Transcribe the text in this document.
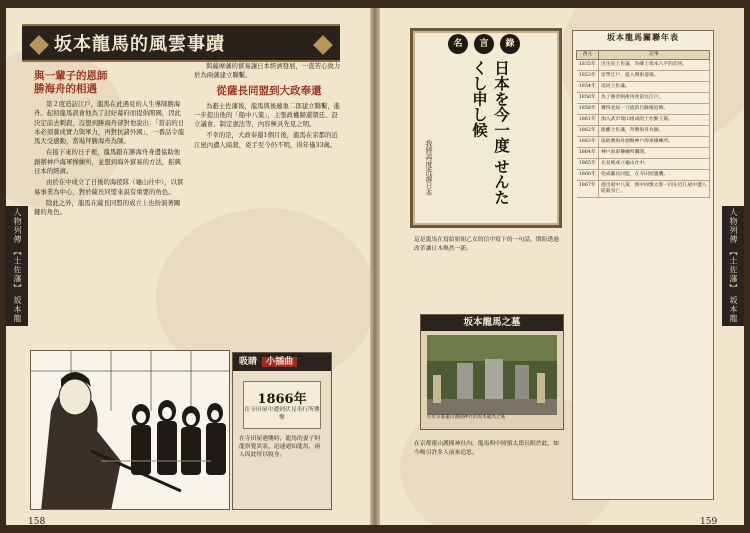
人物列傳 【土佐藩】 坂本龍
人物列傳 【土佐藩】 坂本龍
坂本龍馬的風雲事蹟
與一輩子的恩師
勝海舟的相遇

第２度造訪江戶，龍馬在此遇見的人生導師勝海舟。起初龍馬誤會他為了討好幕府而提倡開國，因此決定前去刺殺，沒想到勝海舟卻對他說出：「當前的日本必須養成實力與軍力，再對抗諸外國」，一番話令龍馬大受感動，當場拜勝海舟為師。

在接下來的日子裡，龍馬跟在勝海舟身邊協助他創辦神戶海軍操練所，並想到海外貿易的方法，振興日本的經濟。

由於在中成立了日後的海援隊（龜山社中），以貿易事業為中心，對於薩長同盟來說有重要的角色。

除此之外，龍馬在薩長同盟的成立上也扮演著關鍵的角色。

與薩摩藩的貿易讓日本經濟發展，一直苦心致力於為兩藩建立聯繫。

從薩長同盟到大政奉還

為避土佐藩後，龍馬與後藤象二郎建立聯繫，進一步提出他的「船中八策」，主張政權歸還朝廷、設立議會、制定憲法等，內容極具先見之明。

不幸的是，大政奉還1個月後，龍馬在京都的近江屋內遭人暗殺，兇手至今仍不明，得年僅33歲。

吸睛 小插曲
1866年
在寺田屋中遭到伏見奉行所襲擊
在寺田屋遇襲時，龍馬的妻子阿龍察覺異狀，迅速通知龍馬，兩人因此得以脫身。
158
名	言	錄
日本を今一度 せんたくし申し候
我將再度洗滌日本
這是龍馬在寫給姐姐乙女的信中寫下的一句話，期盼透過改革讓日本煥然一新。
坂本龍馬之墓
位於京都靈山護國神社的坂本龍馬之墓
在京都靈山護國神社內，龍馬與中岡慎太郎長眠於此，如今吸引許多人前來追思。
坂本龍馬關聯年表
西元	記事
1835年	出生於土佐藩，為鄉士坂本八平的次男。
1853年	留學江戶，進入劍術道場。
1854年	返回土佐藩。
1856年	為了修習劍術再度前往江戶。
1858年	獲得北辰一刀流的目錄後返鄉。
1861年	加入武市瑞山組成的土佐勤王黨。
1862年	脫離土佐藩，拜勝海舟為師。
1863年	協助勝海舟創辦神戶海軍操練所。
1864年	神戶海軍操練所關閉。
1865年	在長崎成立龜山社中。
1866年	促成薩長同盟，在寺田屋遇襲。
1867年	提出船中八策，與中岡慎太郎一同在近江屋中遭人暗殺身亡。
159
